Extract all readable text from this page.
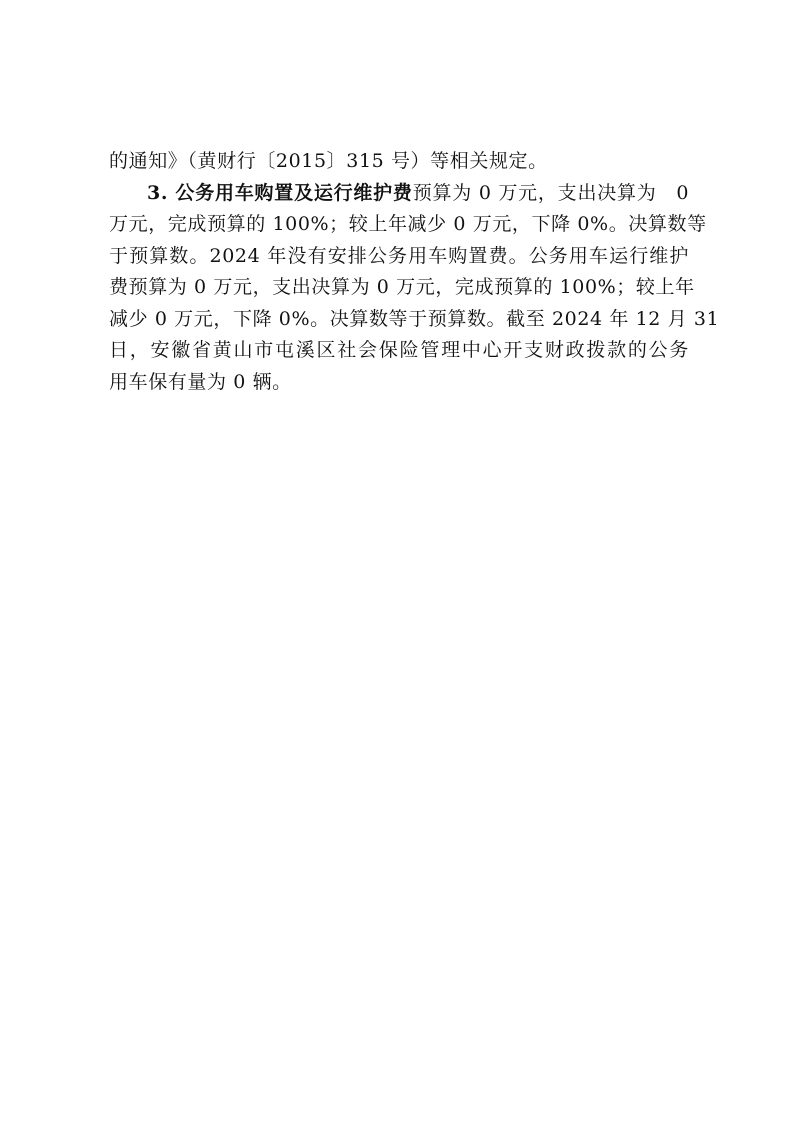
的通知》（黄财行〔2015〕315 号）等相关规定。
3. 公务用车购置及运行维护费预算为 0 万元，支出决算为　0
万元，完成预算的 100%；较上年减少 0 万元，下降 0%。决算数等
于预算数。2024 年没有安排公务用车购置费。公务用车运行维护
费预算为 0 万元，支出决算为 0 万元，完成预算的 100%；较上年
减少 0 万元，下降 0%。决算数等于预算数。截至 2024 年 12 月 31
日，安徽省黄山市屯溪区社会保险管理中心开支财政拨款的公务
用车保有量为 0 辆。
